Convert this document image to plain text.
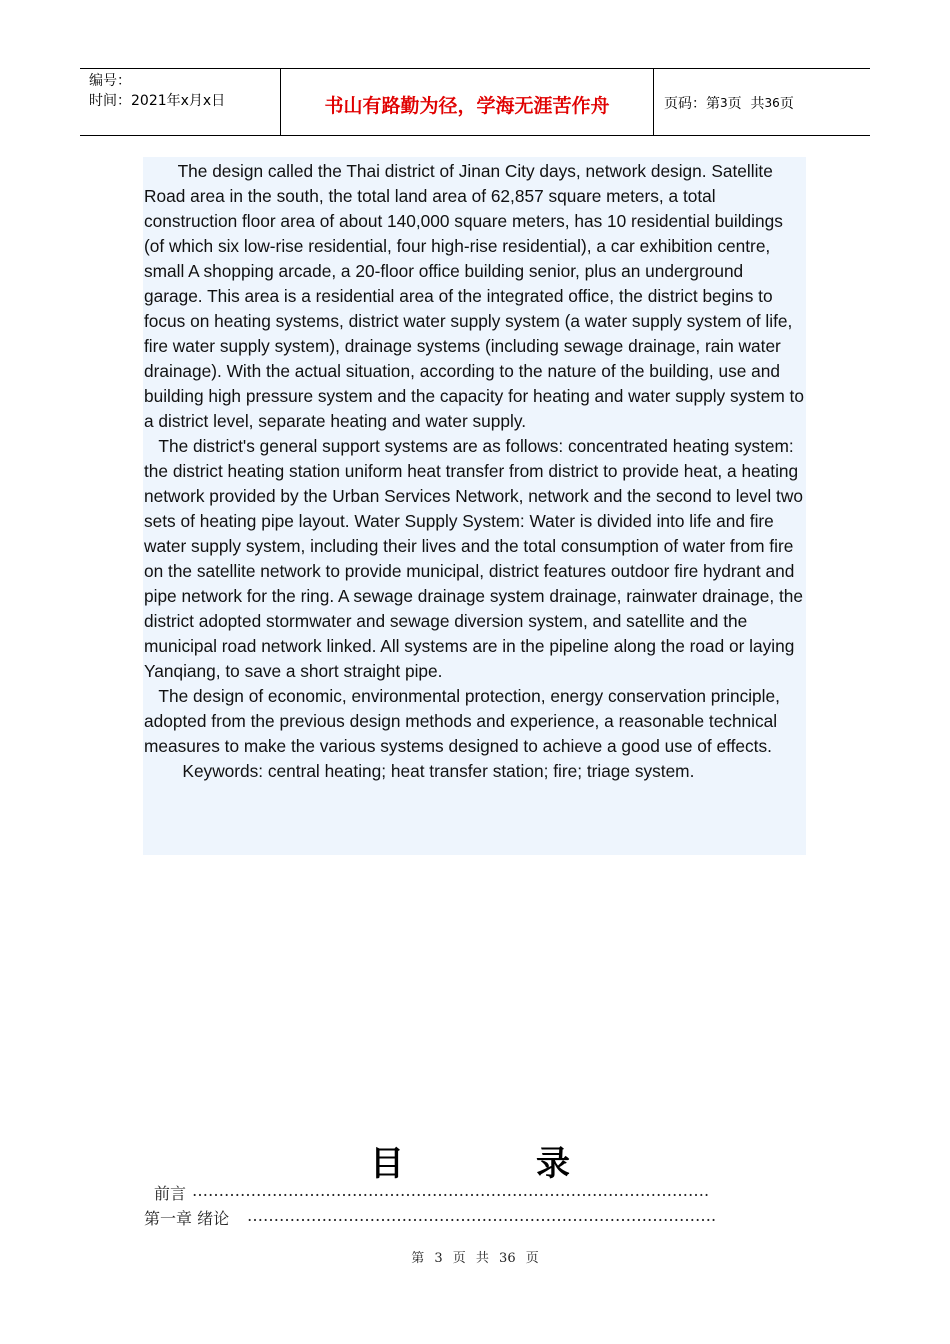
编号：
时间：2021年x月x日	书山有路勤为径，学海无涯苦作舟	页码：第 3 页  共 36 页

The design called the Thai district of Jinan City days, network design. Satellite Road area in the south, the total land area of 62,857 square meters, a total construction floor area of about 140,000 square meters, has 10 residential buildings (of which six low-rise residential, four high-rise residential), a car exhibition centre, small A shopping arcade, a 20-floor office building senior, plus an underground garage. This area is a residential area of the integrated office, the district begins to focus on heating systems, district water supply system (a water supply system of life, fire water supply system), drainage systems (including sewage drainage, rain water drainage). With the actual situation, according to the nature of the building, use and building high pressure system and the capacity for heating and water supply system to a district level, separate heating and water supply.

The district's general support systems are as follows: concentrated heating system: the district heating station uniform heat transfer from district to provide heat, a heating network provided by the Urban Services Network, network and the second to level two sets of heating pipe layout. Water Supply System: Water is divided into life and fire water supply system, including their lives and the total consumption of water from fire on the satellite network to provide municipal, district features outdoor fire hydrant and pipe network for the ring. A sewage drainage system drainage, rainwater drainage, the district adopted stormwater and sewage diversion system, and satellite and the municipal road network linked. All systems are in the pipeline along the road or laying Yanqiang, to save a short straight pipe.

The design of economic, environmental protection, energy conservation principle, adopted from the previous design methods and experience, a reasonable technical measures to make the various systems designed to achieve a good use of effects.

Keywords: central heating; heat transfer station; fire; triage system.

目	录
前言 …………………………………………………………………………………….
第一章 绪论 …………………………………………………………………………….
第 3 页 共 36 页
